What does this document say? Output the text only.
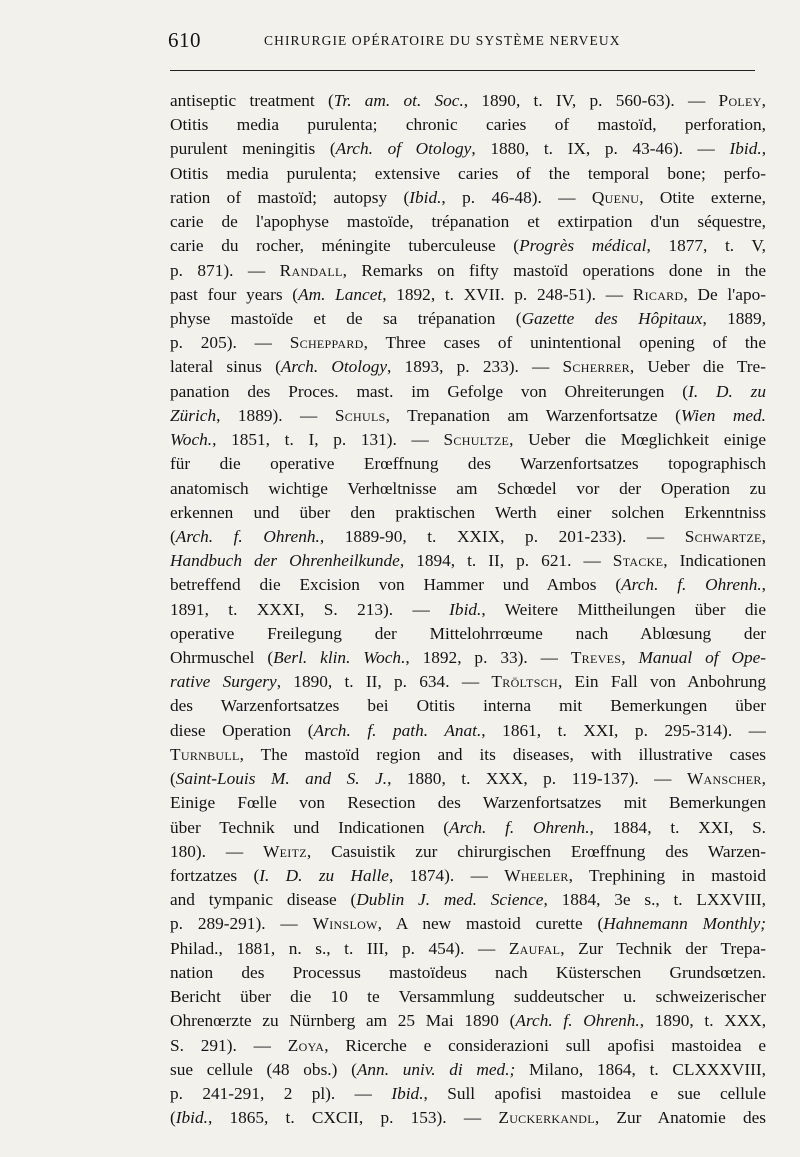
610	CHIRURGIE OPÉRATOIRE DU SYSTÈME NERVEUX
antiseptic treatment (Tr. am. ot. Soc., 1890, t. IV, p. 560-63). — Poley,
Otitis media purulenta; chronic caries of mastoïd, perforation,
purulent meningitis (Arch. of Otology, 1880, t. IX, p. 43-46). — Ibid.,
Otitis media purulenta; extensive caries of the temporal bone; perfo-
ration of mastoïd; autopsy (Ibid., p. 46-48). — Quenu, Otite externe,
carie de l'apophyse mastoïde, trépanation et extirpation d'un séquestre,
carie du rocher, méningite tuberculeuse (Progrès médical, 1877, t. V,
p. 871). — Randall, Remarks on fifty mastoïd operations done in the
past four years (Am. Lancet, 1892, t. XVII. p. 248-51). — Ricard, De l'apo-
physe mastoïde et de sa trépanation (Gazette des Hôpitaux, 1889,
p. 205). — Scheppard, Three cases of unintentional opening of the
lateral sinus (Arch. Otology, 1893, p. 233). — Scherrer, Ueber die Tre-
panation des Proces. mast. im Gefolge von Ohreiterungen (I. D. zu
Zürich, 1889). — Schuls, Trepanation am Warzenfortsatze (Wien med.
Woch., 1851, t. I, p. 131). — Schultze, Ueber die Mœglichkeit einige
für die operative Erœffnung des Warzenfortsatzes topographisch
anatomisch wichtige Verhœltnisse am Schœdel vor der Operation zu
erkennen und über den praktischen Werth einer solchen Erkenntniss
(Arch. f. Ohrenh., 1889-90, t. XXIX, p. 201-233). — Schwartze,
Handbuch der Ohrenheilkunde, 1894, t. II, p. 621. — Stacke, Indicationen
betreffend die Excision von Hammer und Ambos (Arch. f. Ohrenh.,
1891, t. XXXI, S. 213). — Ibid., Weitere Mittheilungen über die
operative Freilegung der Mittelohrrœume nach Ablœsung der
Ohrmuschel (Berl. klin. Woch., 1892, p. 33). — Treves, Manual of Ope-
rative Surgery, 1890, t. II, p. 634. — Tröltsch, Ein Fall von Anbohrung
des Warzenfortsatzes bei Otitis interna mit Bemerkungen über
diese Operation (Arch. f. path. Anat., 1861, t. XXI, p. 295-314). —
Turnbull, The mastoïd region and its diseases, with illustrative cases
(Saint-Louis M. and S. J., 1880, t. XXX, p. 119-137). — Wanscher,
Einige Fœlle von Resection des Warzenfortsatzes mit Bemerkungen
über Technik und Indicationen (Arch. f. Ohrenh., 1884, t. XXI, S.
180). — Weitz, Casuistik zur chirurgischen Erœffnung des Warzen-
fortzatzes (I. D. zu Halle, 1874). — Wheeler, Trephining in mastoid
and tympanic disease (Dublin J. med. Science, 1884, 3e s., t. LXXVIII,
p. 289-291). — Winslow, A new mastoid curette (Hahnemann Monthly;
Philad., 1881, n. s., t. III, p. 454). — Zaufal, Zur Technik der Trepa-
nation des Processus mastoïdeus nach Küsterschen Grundsœtzen.
Bericht über die 10 te Versammlung suddeutscher u. schweizerischer
Ohrenœrzte zu Nürnberg am 25 Mai 1890 (Arch. f. Ohrenh., 1890, t. XXX,
S. 291). — Zoya, Ricerche e considerazioni sull apofisi mastoidea e
sue cellule (48 obs.) (Ann. univ. di med.; Milano, 1864, t. CLXXXVIII,
p. 241-291, 2 pl). — Ibid., Sull apofisi mastoidea e sue cellule
(Ibid., 1865, t. CXCII, p. 153). — Zuckerkandl, Zur Anatomie des
